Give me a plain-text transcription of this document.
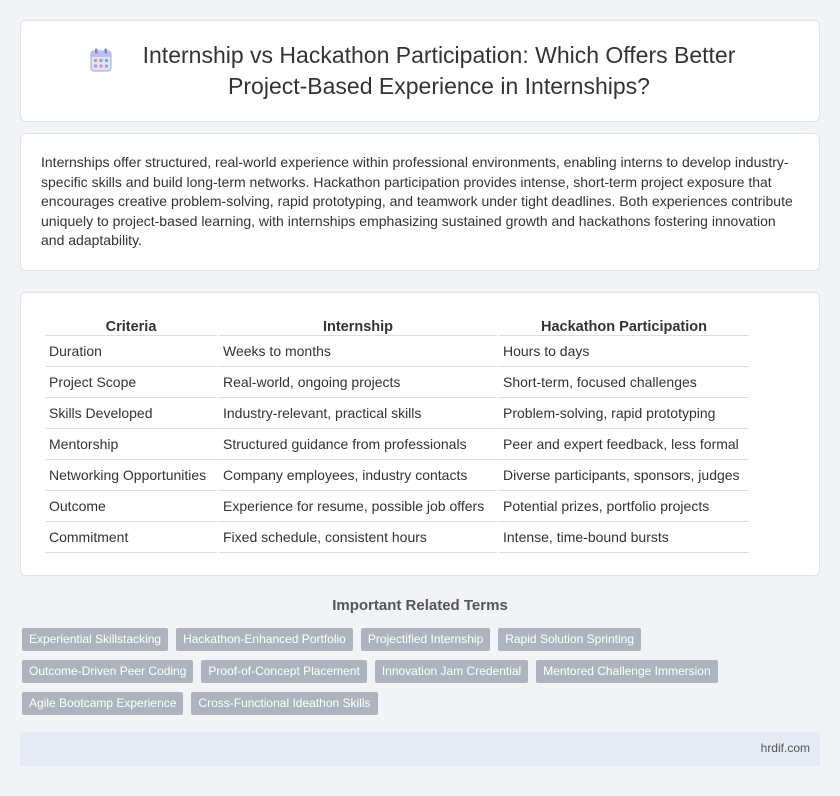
Internship vs Hackathon Participation: Which Offers Better Project-Based Experience in Internships?

Internships offer structured, real-world experience within professional environments, enabling interns to develop industry-specific skills and build long-term networks. Hackathon participation provides intense, short-term project exposure that encourages creative problem-solving, rapid prototyping, and teamwork under tight deadlines. Both experiences contribute uniquely to project-based learning, with internships emphasizing sustained growth and hackathons fostering innovation and adaptability.

Criteria	Internship	Hackathon Participation
Duration	Weeks to months	Hours to days
Project Scope	Real-world, ongoing projects	Short-term, focused challenges
Skills Developed	Industry-relevant, practical skills	Problem-solving, rapid prototyping
Mentorship	Structured guidance from professionals	Peer and expert feedback, less formal
Networking Opportunities	Company employees, industry contacts	Diverse participants, sponsors, judges
Outcome	Experience for resume, possible job offers	Potential prizes, portfolio projects
Commitment	Fixed schedule, consistent hours	Intense, time-bound bursts
Important Related Terms
Experiential Skillstacking	Hackathon-Enhanced Portfolio	Projectified Internship	Rapid Solution Sprinting
Outcome-Driven Peer Coding	Proof-of-Concept Placement	Innovation Jam Credential	Mentored Challenge Immersion
Agile Bootcamp Experience	Cross-Functional Ideathon Skills
hrdif.com
